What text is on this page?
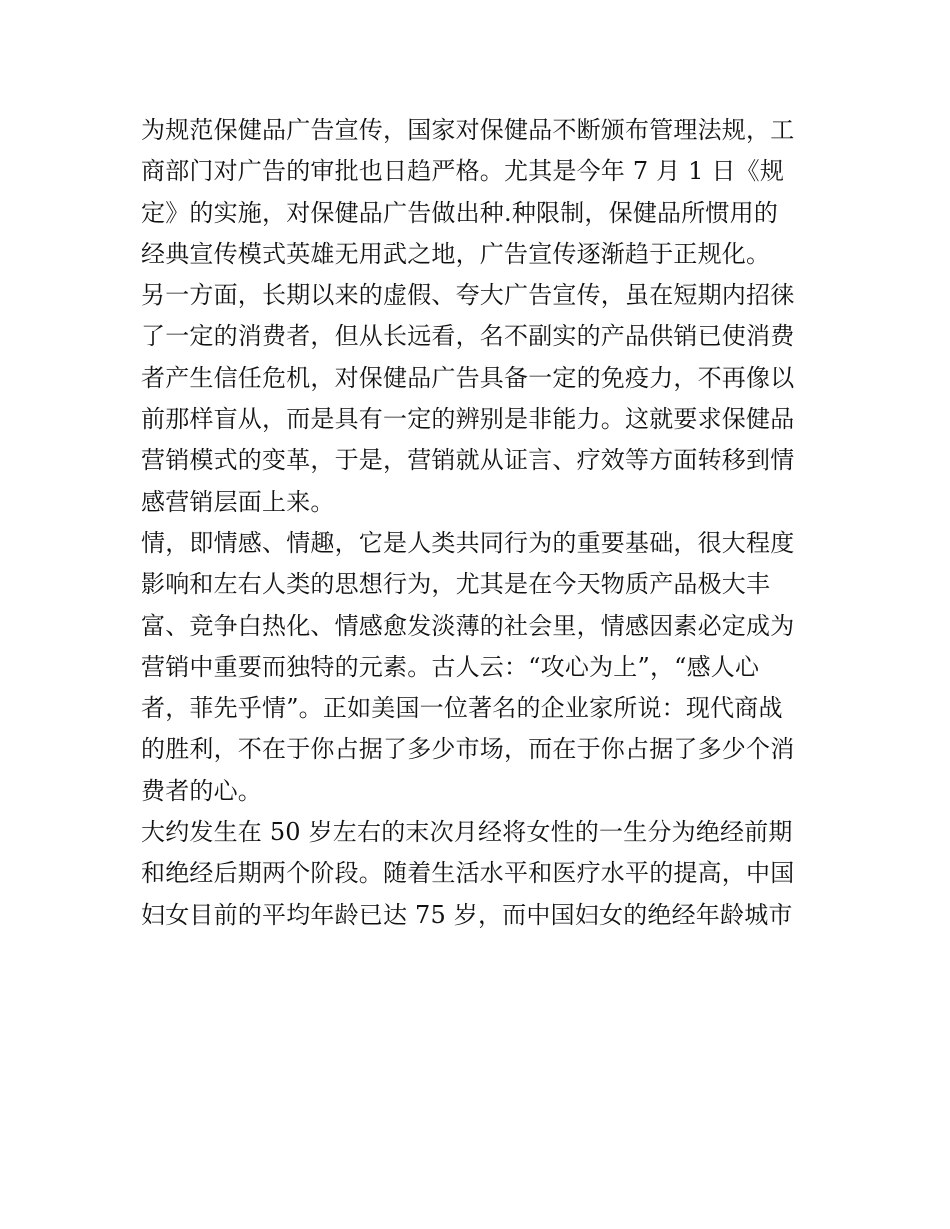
为规范保健品广告宣传，国家对保健品不断颁布管理法规，工
商部门对广告的审批也日趋严格。尤其是今年 7 月 1 日《规
定》的实施，对保健品广告做出种.种限制，保健品所惯用的
经典宣传模式英雄无用武之地，广告宣传逐渐趋于正规化。
另一方面，长期以来的虚假、夸大广告宣传，虽在短期内招徕
了一定的消费者，但从长远看，名不副实的产品供销已使消费
者产生信任危机，对保健品广告具备一定的免疫力，不再像以
前那样盲从，而是具有一定的辨别是非能力。这就要求保健品
营销模式的变革，于是，营销就从证言、疗效等方面转移到情
感营销层面上来。
情，即情感、情趣，它是人类共同行为的重要基础，很大程度
影响和左右人类的思想行为，尤其是在今天物质产品极大丰
富、竞争白热化、情感愈发淡薄的社会里，情感因素必定成为
营销中重要而独特的元素。古人云：“攻心为上”，“感人心
者，菲先乎情”。正如美国一位著名的企业家所说：现代商战
的胜利，不在于你占据了多少市场，而在于你占据了多少个消
费者的心。
大约发生在 50 岁左右的末次月经将女性的一生分为绝经前期
和绝经后期两个阶段。随着生活水平和医疗水平的提高，中国
妇女目前的平均年龄已达 75 岁，而中国妇女的绝经年龄城市
